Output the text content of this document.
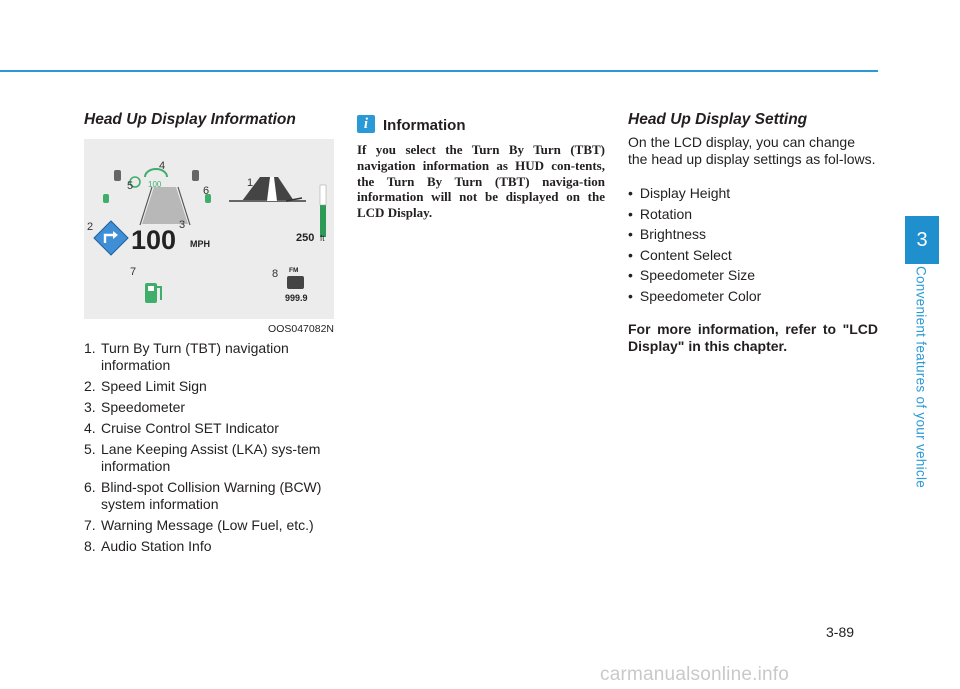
3
Convenient features of your vehicle
Head Up Display Information
100
100 MPH	250 ft
FM
999.9
1
2	3
4
5	6
7	8
OOS047082N
1. Turn By Turn (TBT) navigation information
2. Speed Limit Sign
3. Speedometer
4. Cruise Control SET Indicator
5. Lane Keeping Assist (LKA) sys-tem information
6. Blind-spot Collision Warning (BCW) system information
7. Warning Message (Low Fuel, etc.)
8. Audio Station Info
i Information
If you select the Turn By Turn (TBT) navigation information as HUD con-tents, the Turn By Turn (TBT) naviga-tion information will not be displayed on the LCD Display.
Head Up Display Setting
On the LCD display, you can change the head up display settings as fol-lows.
• Display Height
• Rotation
• Brightness
• Content Select
• Speedometer Size
• Speedometer Color
For more information, refer to "LCD Display" in this chapter.
3-89
carmanualsonline.info
